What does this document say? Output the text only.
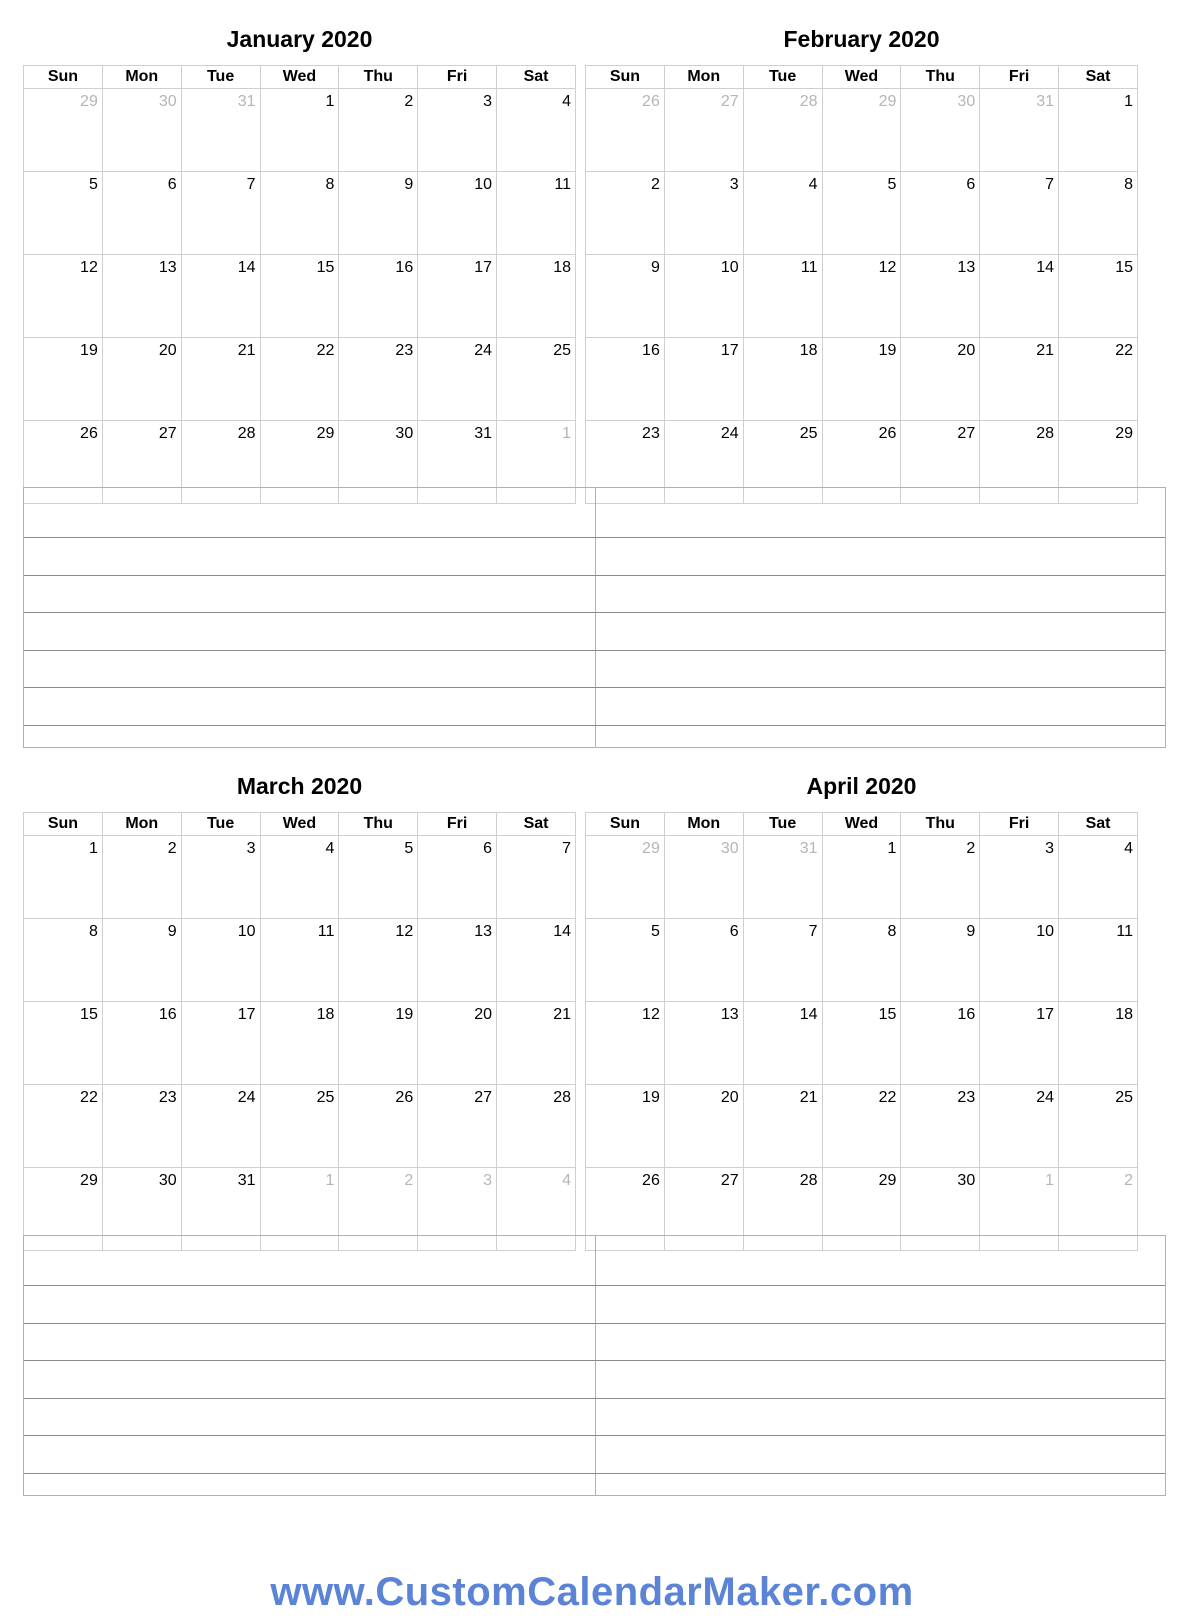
January 2020
Sun	Mon	Tue	Wed	Thu	Fri	Sat
29	30	31	1	2	3	4
5	6	7	8	9	10	11
12	13	14	15	16	17	18
19	20	21	22	23	24	25
26	27	28	29	30	31	1
February 2020
Sun	Mon	Tue	Wed	Thu	Fri	Sat
26	27	28	29	30	31	1
2	3	4	5	6	7	8
9	10	11	12	13	14	15
16	17	18	19	20	21	22
23	24	25	26	27	28	29
March 2020
Sun	Mon	Tue	Wed	Thu	Fri	Sat
1	2	3	4	5	6	7
8	9	10	11	12	13	14
15	16	17	18	19	20	21
22	23	24	25	26	27	28
29	30	31	1	2	3	4
April 2020
Sun	Mon	Tue	Wed	Thu	Fri	Sat
29	30	31	1	2	3	4
5	6	7	8	9	10	11
12	13	14	15	16	17	18
19	20	21	22	23	24	25
26	27	28	29	30	1	2
www.CustomCalendarMaker.com
